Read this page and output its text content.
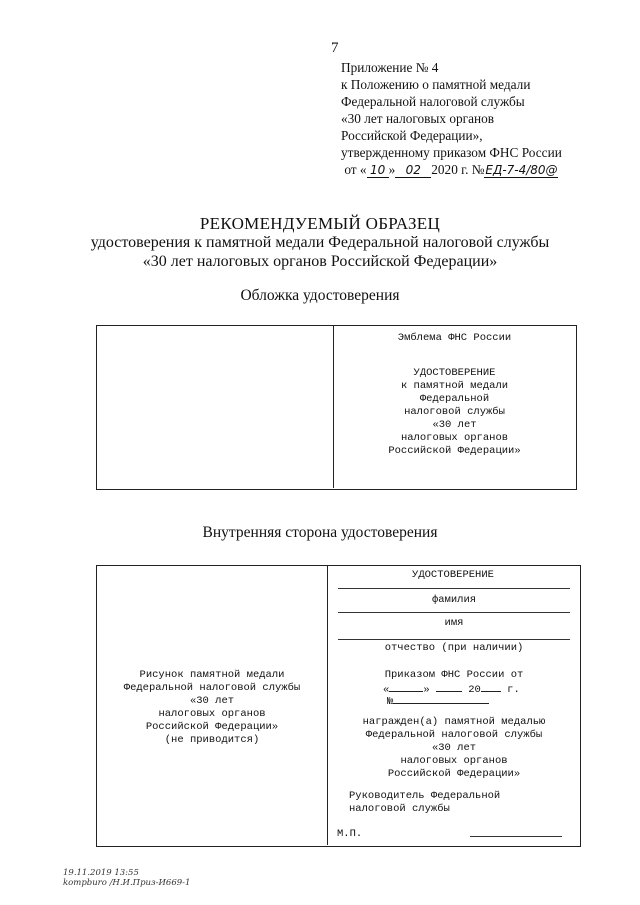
7
Приложение № 4
к Положению о памятной медали
Федеральной налоговой службы
«30 лет налоговых органов
Российской Федерации»,
утвержденному приказом ФНС России
от « 10 » 02 2020 г. №ЕД-7-4/80@
РЕКОМЕНДУЕМЫЙ ОБРАЗЕЦ
удостоверения к памятной медали Федеральной налоговой службы
«30 лет налоговых органов Российской Федерации»
Обложка удостоверения
Эмблема ФНС России
УДОСТОВЕРЕНИЕ
к памятной медали
Федеральной
налоговой службы
«30 лет
налоговых органов
Российской Федерации»
Внутренняя сторона удостоверения
Рисунок памятной медали
Федеральной налоговой службы
«30 лет
налоговых органов
Российской Федерации»
(не приводится)
УДОСТОВЕРЕНИЕ
фамилия
имя
отчество (при наличии)
Приказом ФНС России от
«	»	20	г.
№
награжден(а) памятной медалью
Федеральной налоговой службы
«30 лет
налоговых органов
Российской Федерации»
Руководитель Федеральной
налоговой службы
М.П.
19.11.2019 13:55
kompburo /Н.И.Приз-И669-1
